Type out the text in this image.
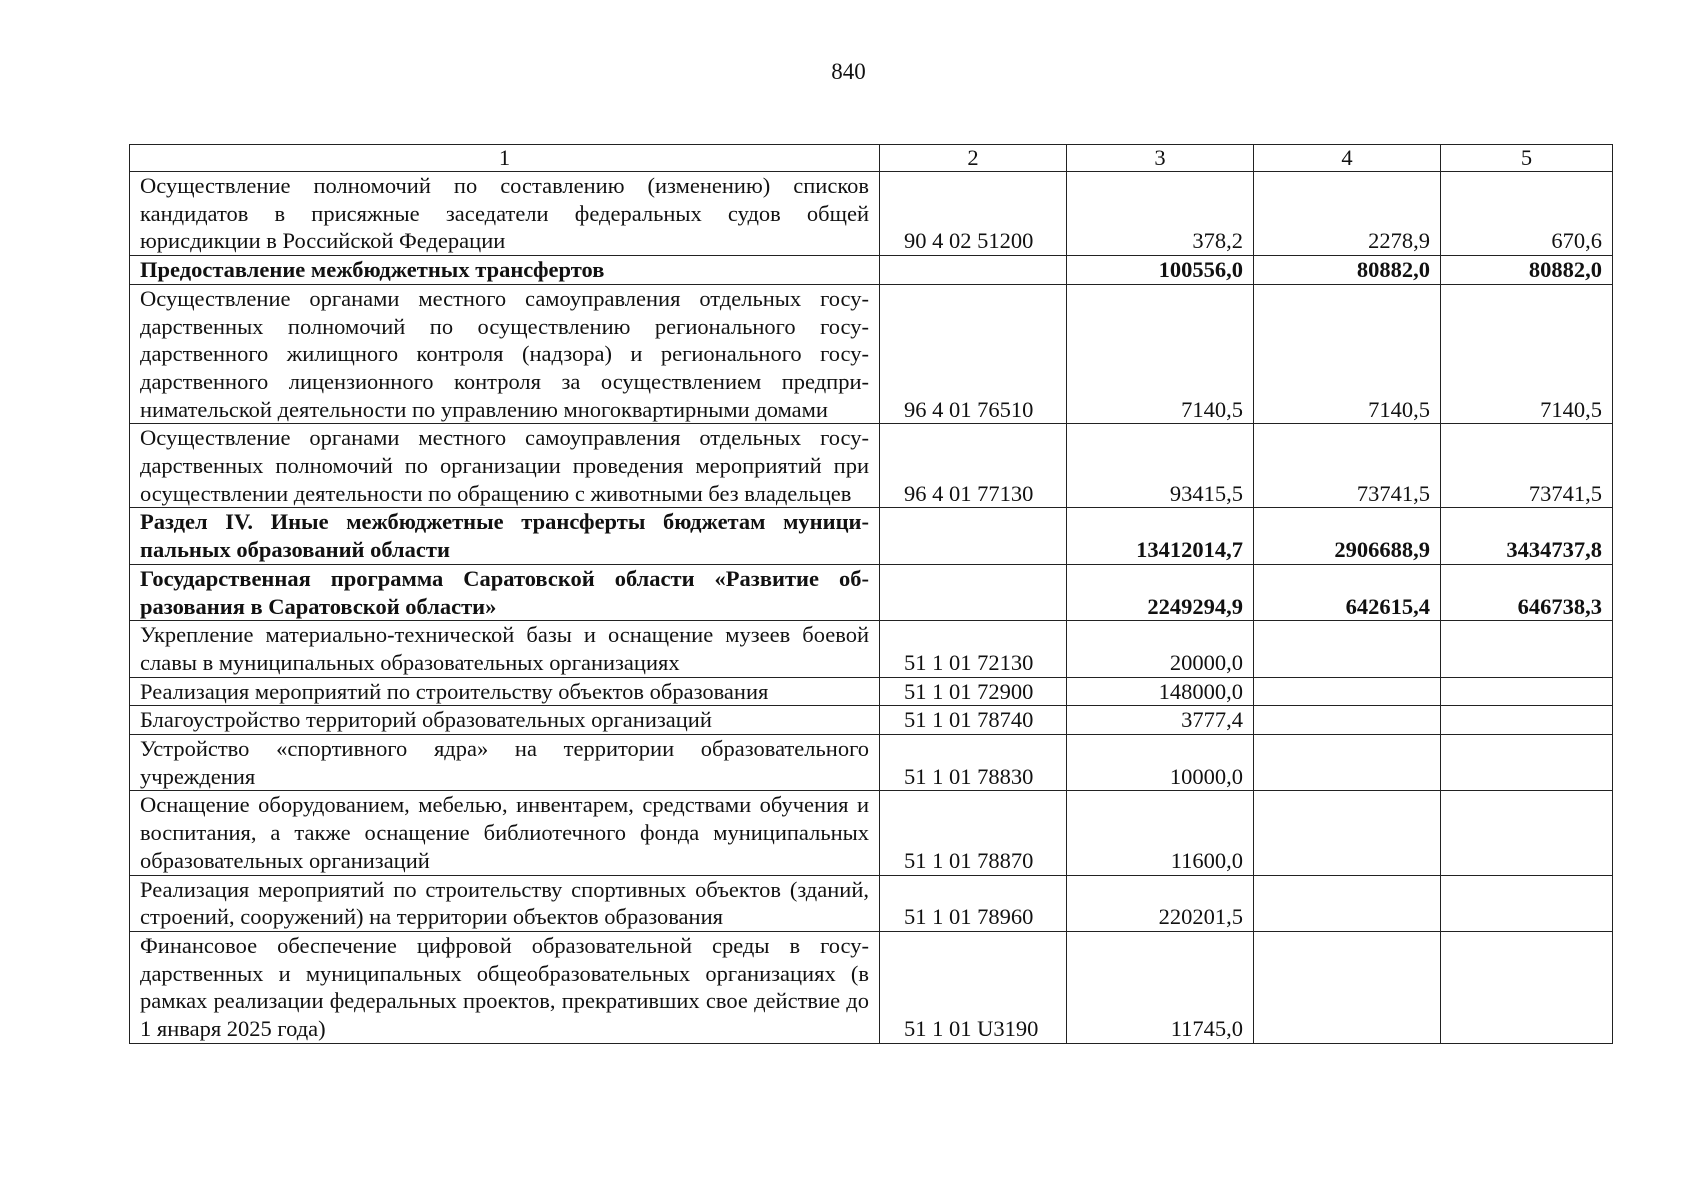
840
1	2	3	4	5
Осуществление полномочий по составлению (изменению) списков кандидатов в присяжные заседатели федеральных судов общей юрисдикции в Российской Федерации	90 4 02 51200	378,2	2278,9	670,6
Предоставление межбюджетных трансфертов		100556,0	80882,0	80882,0
Осуществление органами местного самоуправления отдельных государственных полномочий по осуществлению регионального государственного жилищного контроля (надзора) и регионального государственного лицензионного контроля за осуществлением предпринимательской деятельности по управлению многоквартирными домами	96 4 01 76510	7140,5	7140,5	7140,5
Осуществление органами местного самоуправления отдельных государственных полномочий по организации проведения мероприятий при осуществлении деятельности по обращению с животными без владельцев	96 4 01 77130	93415,5	73741,5	73741,5
Раздел IV. Иные межбюджетные трансферты бюджетам муниципальных образований области		13412014,7	2906688,9	3434737,8
Государственная программа Саратовской области «Развитие образования в Саратовской области»		2249294,9	642615,4	646738,3
Укрепление материально-технической базы и оснащение музеев боевой славы в муниципальных образовательных организациях	51 1 01 72130	20000,0		
Реализация мероприятий по строительству объектов образования	51 1 01 72900	148000,0		
Благоустройство территорий образовательных организаций	51 1 01 78740	3777,4		
Устройство «спортивного ядра» на территории образовательного учреждения	51 1 01 78830	10000,0		
Оснащение оборудованием, мебелью, инвентарем, средствами обучения и воспитания, а также оснащение библиотечного фонда муниципальных образовательных организаций	51 1 01 78870	11600,0		
Реализация мероприятий по строительству спортивных объектов (зданий, строений, сооружений) на территории объектов образования	51 1 01 78960	220201,5		
Финансовое обеспечение цифровой образовательной среды в государственных и муниципальных общеобразовательных организациях (в рамках реализации федеральных проектов, прекративших свое действие до 1 января 2025 года)	51 1 01 U3190	11745,0		
